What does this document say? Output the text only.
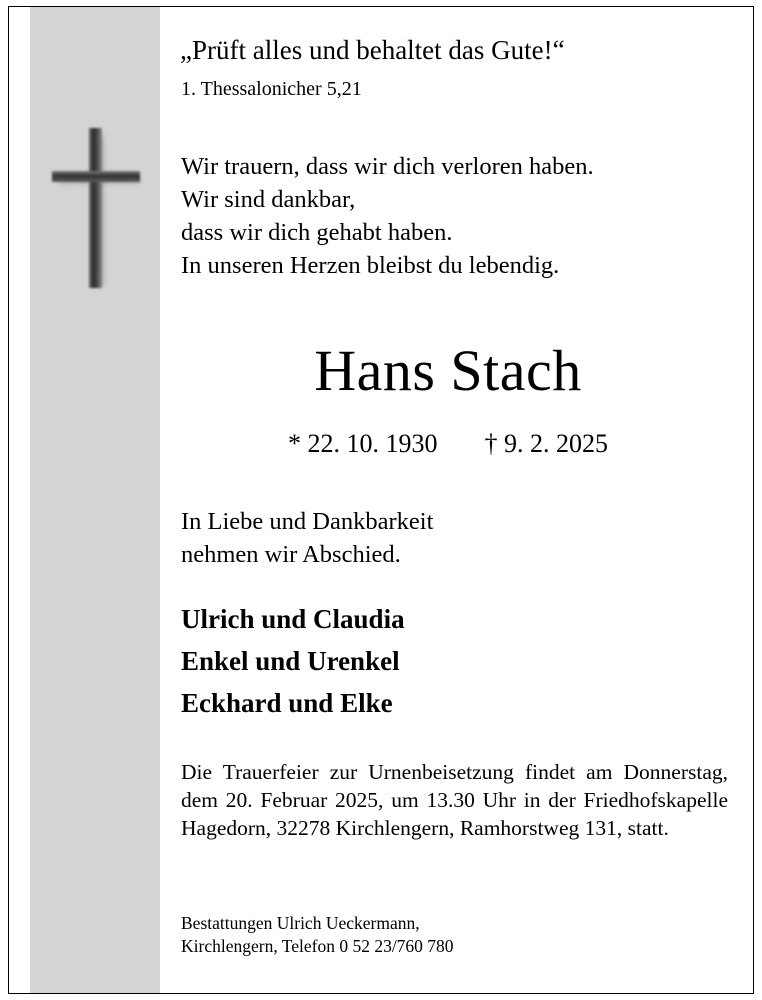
„Prüft alles und behaltet das Gute!“
1. Thessalonicher 5,21
Wir trauern, dass wir dich verloren haben.
Wir sind dankbar,
dass wir dich gehabt haben.
In unseren Herzen bleibst du lebendig.
Hans Stach
* 22. 10. 1930 † 9. 2. 2025
In Liebe und Dankbarkeit
nehmen wir Abschied.
Ulrich und Claudia
Enkel und Urenkel
Eckhard und Elke
Die Trauerfeier zur Urnenbeisetzung findet am Donnerstag, dem 20. Februar 2025, um 13.30 Uhr in der Friedhofskapelle Hagedorn, 32278 Kirchlengern, Ramhorstweg 131, statt.
Bestattungen Ulrich Ueckermann,
Kirchlengern, Telefon 0 52 23/760 780
